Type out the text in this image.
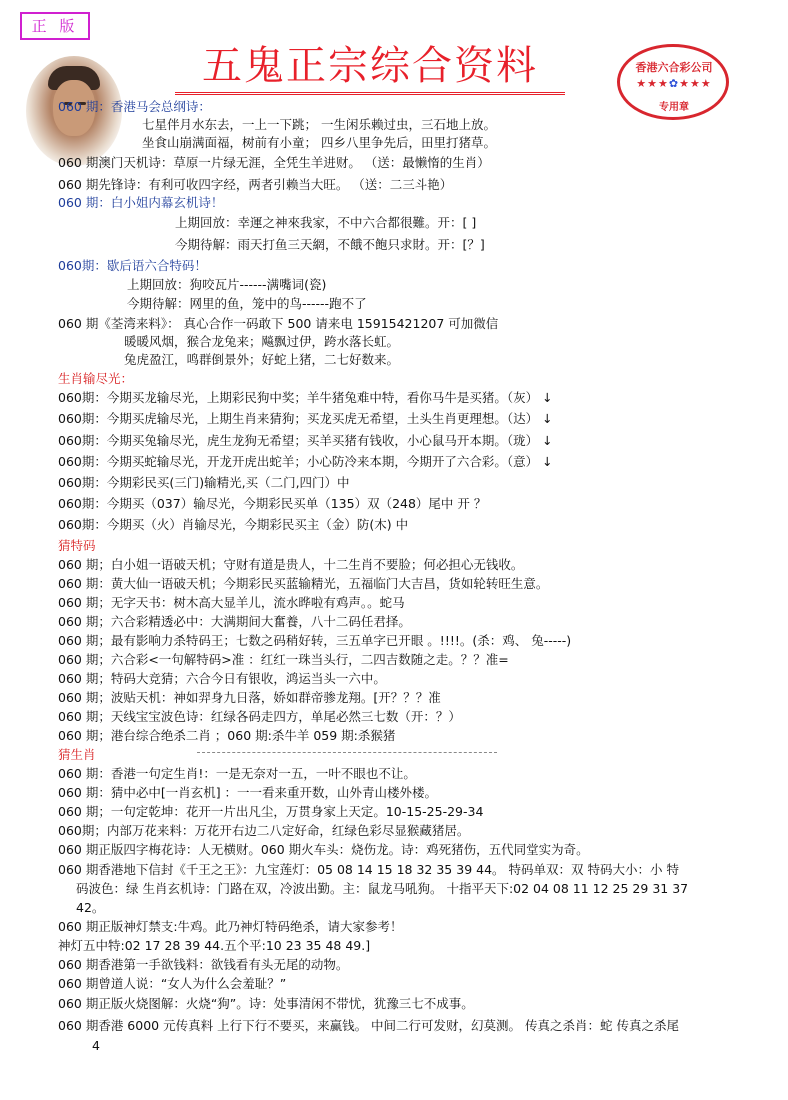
正 版
五鬼正宗综合资料	香港六合彩公司
★★★✿★★★
专用章
060 期：香港马会总纲诗：
七星伴月水东去，一上一下跳； 一生闲乐赖过虫，三石地上放。
坐食山崩满面福，树前有小童； 四乡八里争先后，田里打猪草。
060 期澳门天机诗：草原一片绿无涯，全凭生羊进财。 （送：最懒惰的生肖）
060 期先锋诗：有利可收四字经，两者引赖当大旺。 （送：二三斗艳）
060 期：白小姐内幕玄机诗！
上期回放：幸運之神來我家，不中六合都很難。开：[ ]
今期待解：雨天打鱼三天網，不餓不飽只求財。开：[？]
060期：歇后语六合特码！
上期回放：狗咬瓦片------满嘴词(瓷)
今期待解：网里的鱼，笼中的鸟------跑不了
060 期《荃湾来料》： 真心合作一码敢下 500 请来电 15915421207 可加微信
暖暖风烟，猴合龙兔来；飚飘过伊，跨水落长虹。
兔虎盈江，鸣群倒景外；好蛇上猪，二七好数来。
生肖输尽光：
060期：今期买龙输尽光，上期彩民狗中奖；羊牛猪兔难中特，看你马牛是买猪。（灰） ↓
060期：今期买虎输尽光，上期生肖来猜狗；买龙买虎无希望，土头生肖更理想。（达） ↓
060期：今期买兔输尽光，虎生龙狗无希望；买羊买猪有钱收，小心鼠马开本期。（珑） ↓
060期：今期买蛇输尽光，开龙开虎出蛇羊；小心防冷来本期，今期开了六合彩。（意） ↓
060期：今期彩民买(三门)输精光,买（二门,四门）中
060期：今期买（037）输尽光，今期彩民买单（135）双（248）尾中 开 ？
060期：今期买（火）肖输尽光，今期彩民买主（金）防(木) 中
猜特码
060 期；白小姐一语破天机；守财有道是贵人，十二生肖不要脸；何必担心无钱收。
060 期：黄大仙一语破天机；今期彩民买蓝输精光，五福临门大吉昌，货如轮转旺生意。
060 期；无字天书：树木高大显羊儿，流水晔啦有鸡声。。蛇马
060 期；六合彩精透必中：大满期间大奮養，八十二码任君择。
060 期；最有影响力杀特码王；七数之码稍好转，三五单字已开眼 。!!!!。(杀：鸡、 兔-----)
060 期；六合彩<一句解特码>准 ：红红一珠当头行，二四吉数随之走。？？准=
060 期；特码大竞猜；六合今日有银收，鸿运当头一六中。
060 期；波贴天机：神如羿身九日落，娇如群帝骖龙翔。[开？？？准
060 期；天线宝宝波色诗：红绿各码走四方，单尾必然三七数（开：？）
060 期；港台综合绝杀二肖 ；060 期:杀牛羊 059 期:杀猴猪
猜生肖
060 期：香港一句定生肖!：一是无奈对一五，一叶不眼也不让。
060 期：猜中必中[一肖玄机] ：一一看来重开数，山外青山楼外楼。
060 期；一句定乾坤：花开一片出凡尘，万贯身家上天定。10-15-25-29-34
060期；内部万花来料：万花开右边二八定好命，红绿色彩尽显猴藏猪居。
060 期正版四字梅花诗：人无横财。060 期火车头：烧伤龙。诗：鸡死猪伤，五代同堂实为奇。
060 期香港地下信封《千王之王》：九宝莲灯：05 08 14 15 18 32 35 39 44。 特码单双：双 特码大小：小 特
码波色：绿 生肖玄机诗：门路在双，冷波出勤。主：鼠龙马吼狗。 十指平天下:02 04 08 11 12 25 29 31 37
42。
060 期正版神灯禁支:牛鸡。此乃神灯特码绝杀，请大家参考！
神灯五中特:02 17 28 39 44.五个平:10 23 35 48 49.]
060 期香港第一手欲钱料：欲钱看有头无尾的动物。
060 期曾道人说：“女人为什么会羞耻？”
060 期正版火烧图解：火烧“狗”。诗：处事清闲不带忧，犹豫三七不成事。
060 期香港 6000 元传真料 上行下行不要买，来赢钱。 中间二行可发财，幻莫测。 传真之杀肖：蛇 传真之杀尾
4
